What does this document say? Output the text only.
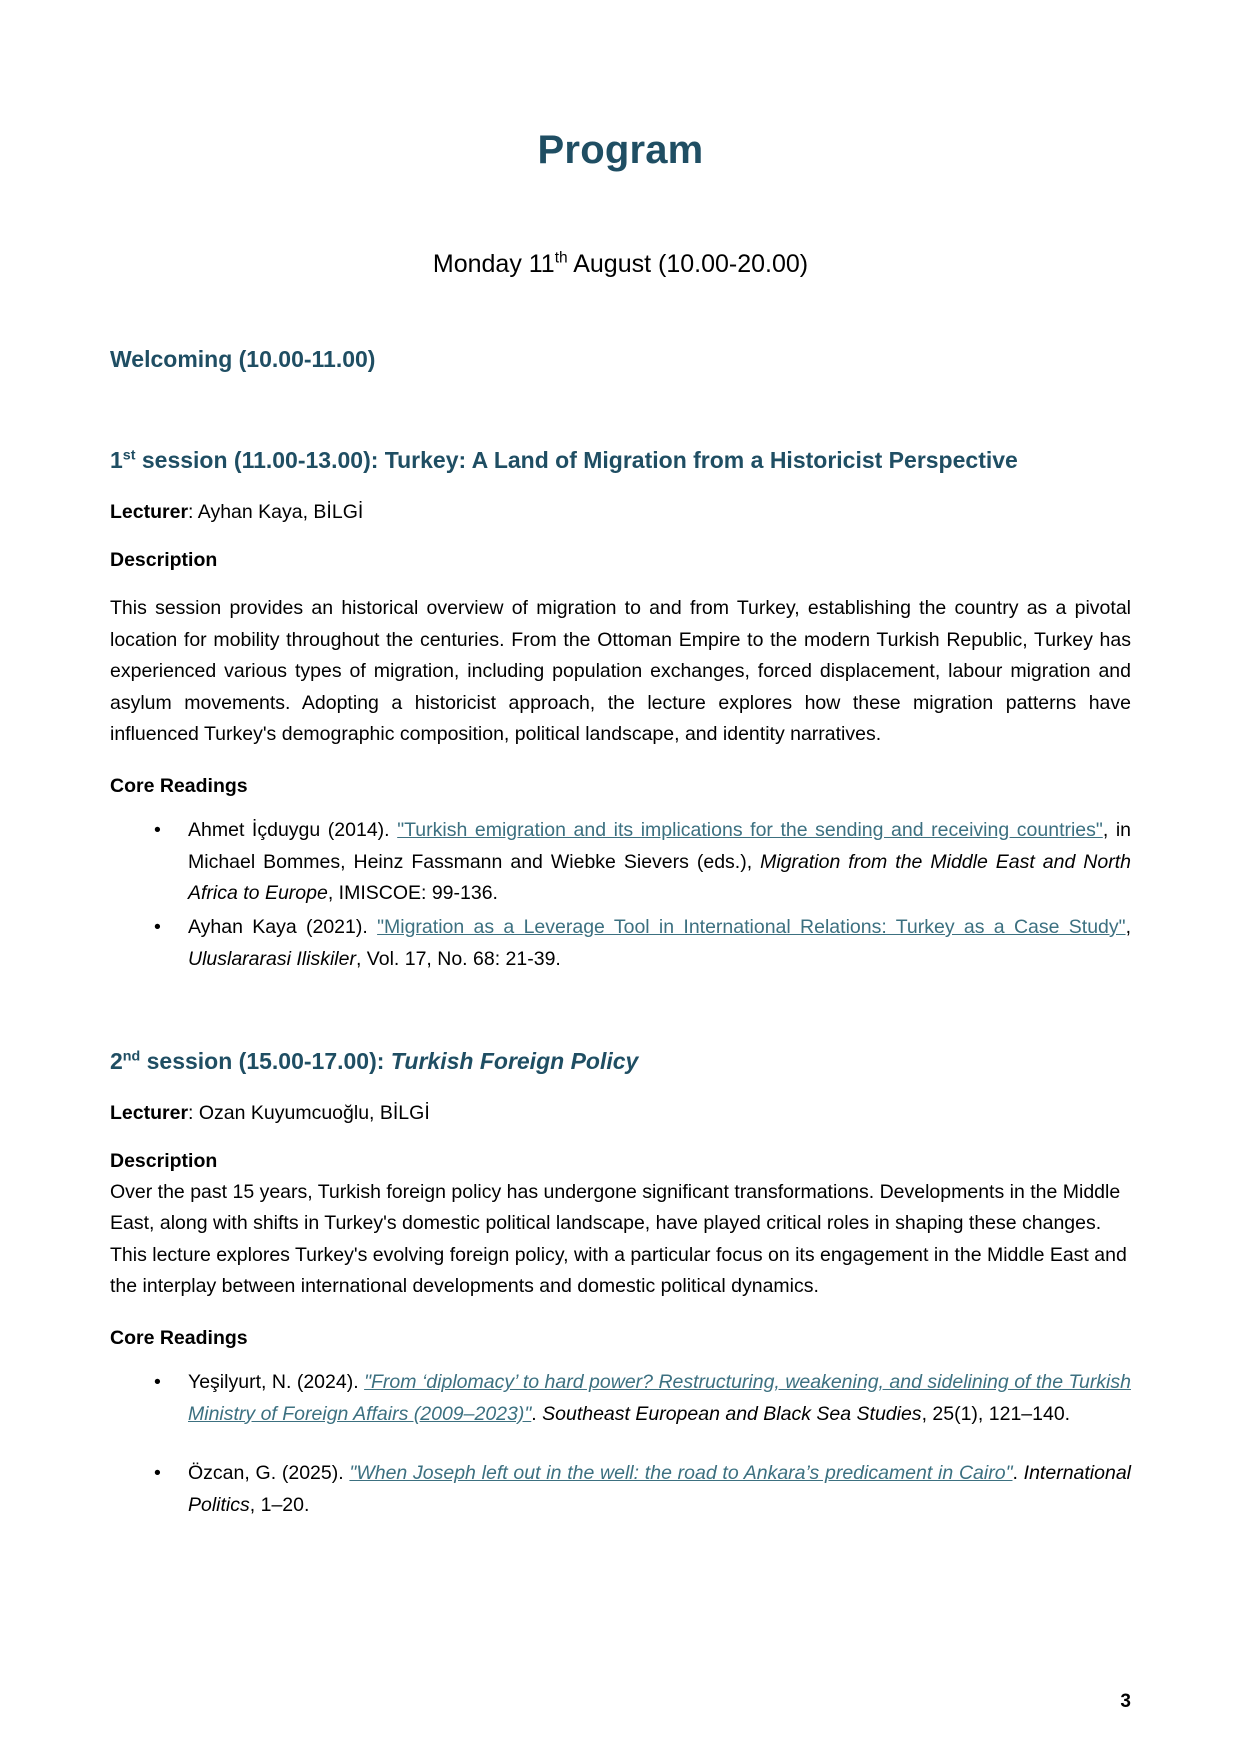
Program
Monday 11th August (10.00-20.00)
Welcoming (10.00-11.00)
1st session (11.00-13.00): Turkey: A Land of Migration from a Historicist Perspective
Lecturer: Ayhan Kaya, BİLGİ
Description
This session provides an historical overview of migration to and from Turkey, establishing the country as a pivotal location for mobility throughout the centuries. From the Ottoman Empire to the modern Turkish Republic, Turkey has experienced various types of migration, including population exchanges, forced displacement, labour migration and asylum movements. Adopting a historicist approach, the lecture explores how these migration patterns have influenced Turkey's demographic composition, political landscape, and identity narratives.
Core Readings
• Ahmet İçduygu (2014). "Turkish emigration and its implications for the sending and receiving countries", in Michael Bommes, Heinz Fassmann and Wiebke Sievers (eds.), Migration from the Middle East and North Africa to Europe, IMISCOE: 99-136.
• Ayhan Kaya (2021). "Migration as a Leverage Tool in International Relations: Turkey as a Case Study", Uluslararasi Iliskiler, Vol. 17, No. 68: 21-39.
2nd session (15.00-17.00): Turkish Foreign Policy
Lecturer: Ozan Kuyumcuoğlu, BİLGİ
Description
Over the past 15 years, Turkish foreign policy has undergone significant transformations. Developments in the Middle East, along with shifts in Turkey's domestic political landscape, have played critical roles in shaping these changes. This lecture explores Turkey's evolving foreign policy, with a particular focus on its engagement in the Middle East and the interplay between international developments and domestic political dynamics.
Core Readings
• Yeşilyurt, N. (2024). "From ‘diplomacy’ to hard power? Restructuring, weakening, and sidelining of the Turkish Ministry of Foreign Affairs (2009–2023)". Southeast European and Black Sea Studies, 25(1), 121–140.
• Özcan, G. (2025). "When Joseph left out in the well: the road to Ankara’s predicament in Cairo". International Politics, 1–20.
3
